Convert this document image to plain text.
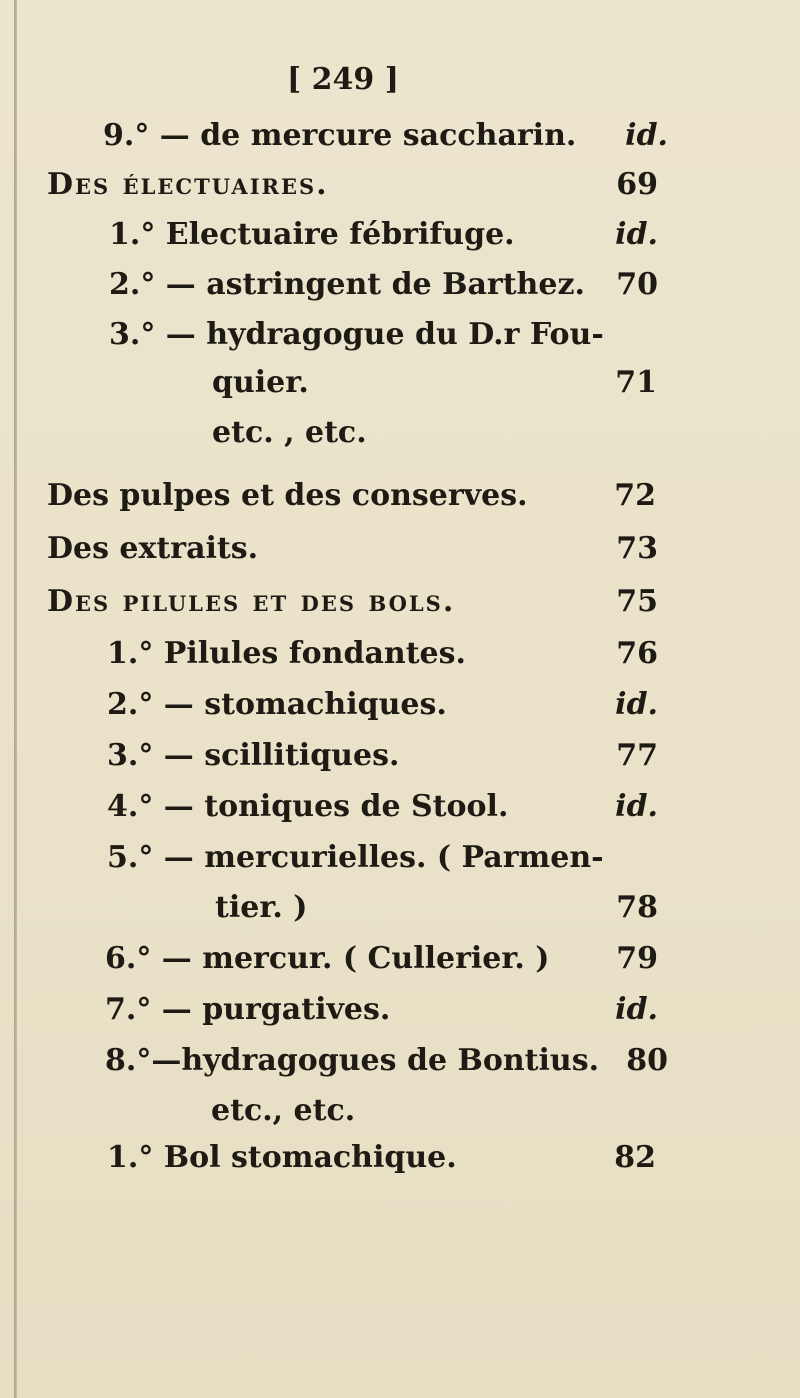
[ 249 ]
9.° — de mercure saccharin. id.
Des électuaires.	69
1.° Electuaire fébrifuge.	id.
2.° — astringent de Barthez. 70
3.° — hydragogue du D.r Fou-
quier.	71
etc. , etc.
Des pulpes et des conserves.	72
Des extraits.	73
Des pilules et des bols.	75
1.° Pilules fondantes.	76
2.° — stomachiques.	id.
3.° — scillitiques.	77
4.° — toniques de Stool.	id.
5.° — mercurielles. ( Parmen-
tier. )	78
6.° — mercur. ( Cullerier. ) 79
7.° — purgatives.	id.
8.°—hydragogues de Bontius. 80
etc., etc.
1.° Bol stomachique.	82
